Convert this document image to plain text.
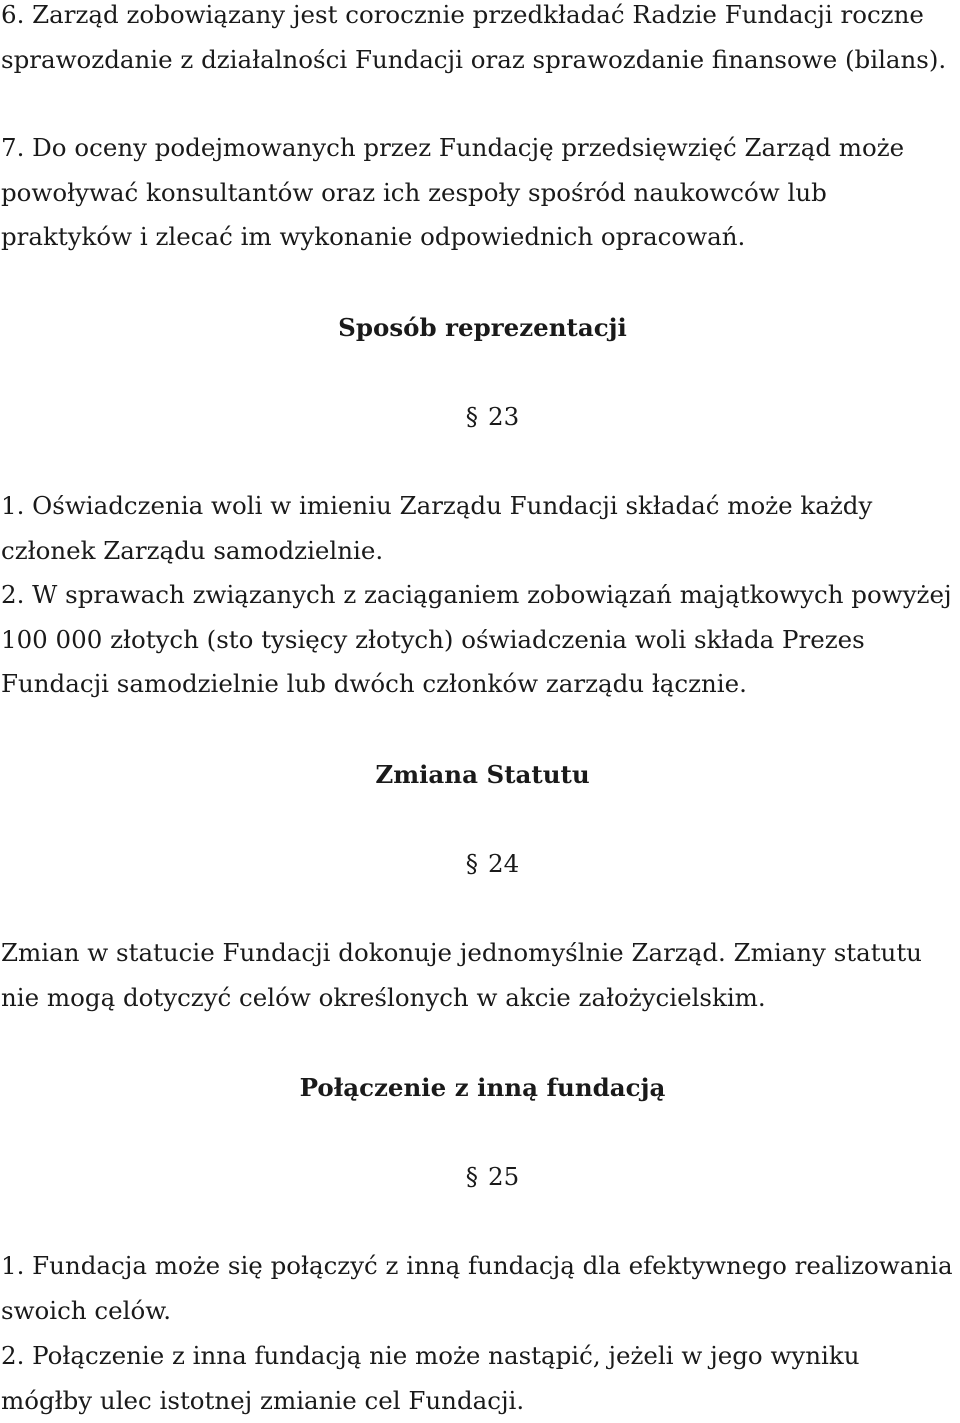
6. Zarząd zobowiązany jest corocznie przedkładać Radzie Fundacji roczne sprawozdanie z działalności Fundacji oraz sprawozdanie finansowe (bilans).

7. Do oceny podejmowanych przez Fundację przedsięwzięć Zarząd może powoływać konsultantów oraz ich zespoły spośród naukowców lub praktyków i zlecać im wykonanie odpowiednich opracowań.

Sposób reprezentacji
§ 23

1. Oświadczenia woli w imieniu Zarządu Fundacji składać może każdy członek Zarządu samodzielnie.

2. W sprawach związanych z zaciąganiem zobowiązań majątkowych powyżej 100 000 złotych (sto tysięcy złotych) oświadczenia woli składa Prezes Fundacji samodzielnie lub dwóch członków zarządu łącznie.

Zmiana Statutu
§ 24

Zmian w statucie Fundacji dokonuje jednomyślnie Zarząd. Zmiany statutu nie mogą dotyczyć celów określonych w akcie założycielskim.

Połączenie z inną fundacją
§ 25

1. Fundacja może się połączyć z inną fundacją dla efektywnego realizowania swoich celów.

2. Połączenie z inna fundacją nie może nastąpić, jeżeli w jego wyniku mógłby ulec istotnej zmianie cel Fundacji.
